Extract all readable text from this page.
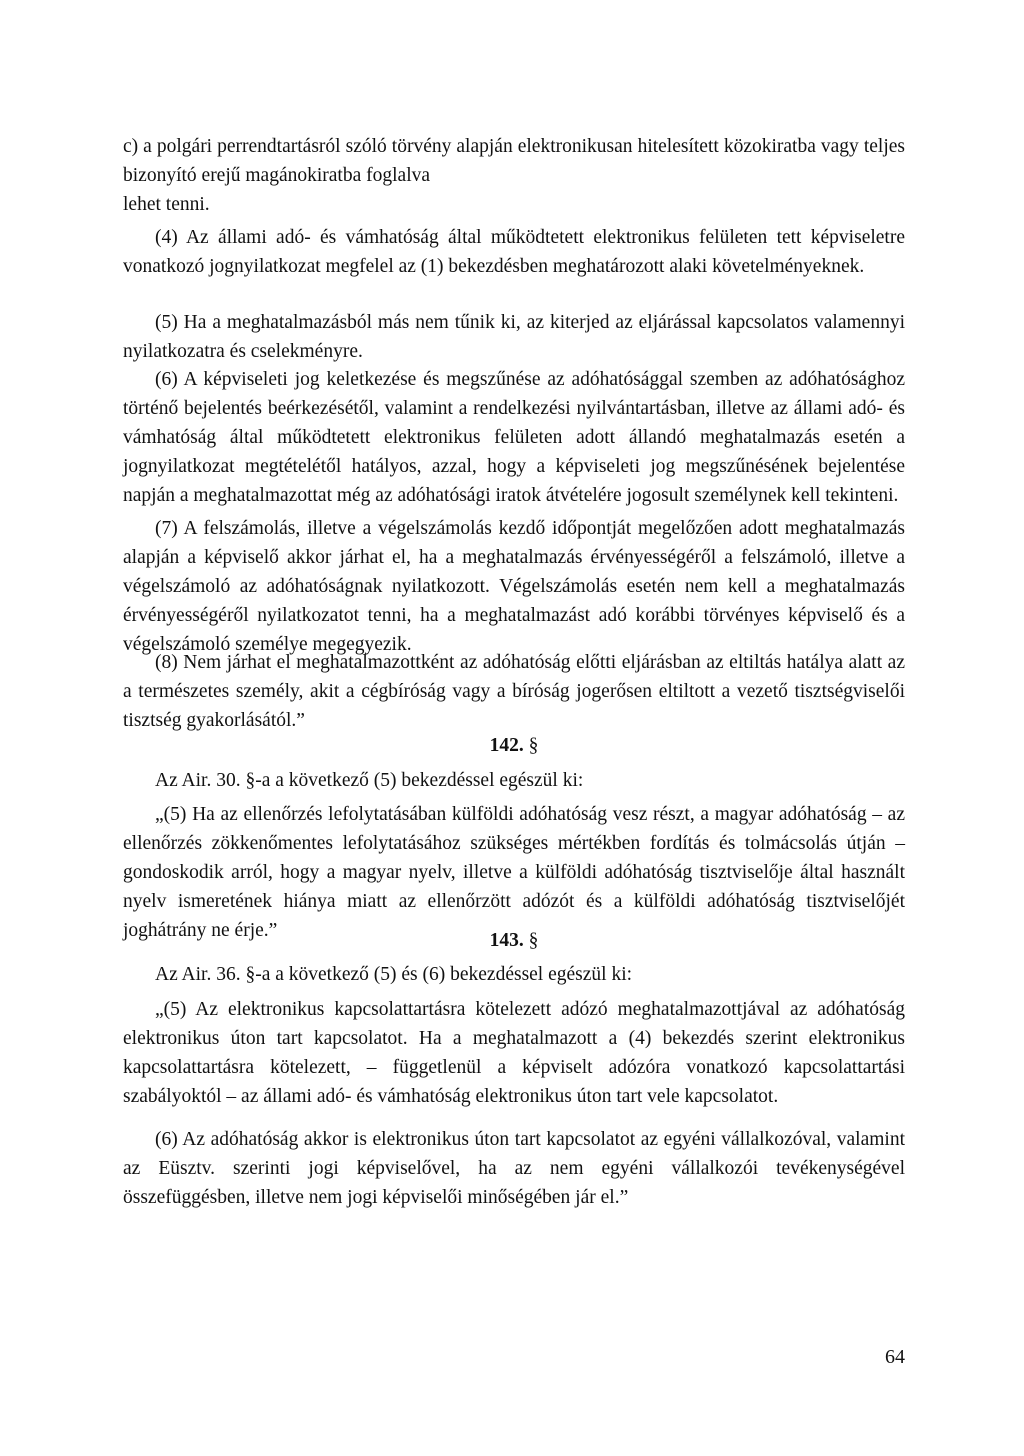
c) a polgári perrendtartásról szóló törvény alapján elektronikusan hitelesített közokiratba vagy teljes bizonyító erejű magánokiratba foglalva

lehet tenni.

(4) Az állami adó- és vámhatóság által működtetett elektronikus felületen tett képviseletre vonatkozó jognyilatkozat megfelel az (1) bekezdésben meghatározott alaki követelményeknek.

(5) Ha a meghatalmazásból más nem tűnik ki, az kiterjed az eljárással kapcsolatos valamennyi nyilatkozatra és cselekményre.

(6) A képviseleti jog keletkezése és megszűnése az adóhatósággal szemben az adóhatósághoz történő bejelentés beérkezésétől, valamint a rendelkezési nyilvántartásban, illetve az állami adó- és vámhatóság által működtetett elektronikus felületen adott állandó meghatalmazás esetén a jognyilatkozat megtételétől hatályos, azzal, hogy a képviseleti jog megszűnésének bejelentése napján a meghatalmazottat még az adóhatósági iratok átvételére jogosult személynek kell tekinteni.

(7) A felszámolás, illetve a végelszámolás kezdő időpontját megelőzően adott meghatalmazás alapján a képviselő akkor járhat el, ha a meghatalmazás érvényességéről a felszámoló, illetve a végelszámoló az adóhatóságnak nyilatkozott. Végelszámolás esetén nem kell a meghatalmazás érvényességéről nyilatkozatot tenni, ha a meghatalmazást adó korábbi törvényes képviselő és a végelszámoló személye megegyezik.

(8) Nem járhat el meghatalmazottként az adóhatóság előtti eljárásban az eltiltás hatálya alatt az a természetes személy, akit a cégbíróság vagy a bíróság jogerősen eltiltott a vezető tisztségviselői tisztség gyakorlásától.”

142. §

Az Air. 30. §-a a következő (5) bekezdéssel egészül ki:

„(5) Ha az ellenőrzés lefolytatásában külföldi adóhatóság vesz részt, a magyar adóhatóság – az ellenőrzés zökkenőmentes lefolytatásához szükséges mértékben fordítás és tolmácsolás útján – gondoskodik arról, hogy a magyar nyelv, illetve a külföldi adóhatóság tisztviselője által használt nyelv ismeretének hiánya miatt az ellenőrzött adózót és a külföldi adóhatóság tisztviselőjét joghátrány ne érje.”	143. §

Az Air. 36. §-a a következő (5) és (6) bekezdéssel egészül ki:

„(5) Az elektronikus kapcsolattartásra kötelezett adózó meghatalmazottjával az adóhatóság elektronikus úton tart kapcsolatot. Ha a meghatalmazott a (4) bekezdés szerint elektronikus kapcsolattartásra kötelezett, – függetlenül a képviselt adózóra vonatkozó kapcsolattartási szabályoktól – az állami adó- és vámhatóság elektronikus úton tart vele kapcsolatot.

(6) Az adóhatóság akkor is elektronikus úton tart kapcsolatot az egyéni vállalkozóval, valamint az Eüsztv. szerinti jogi képviselővel, ha az nem egyéni vállalkozói tevékenységével összefüggésben, illetve nem jogi képviselői minőségében jár el.”

64
